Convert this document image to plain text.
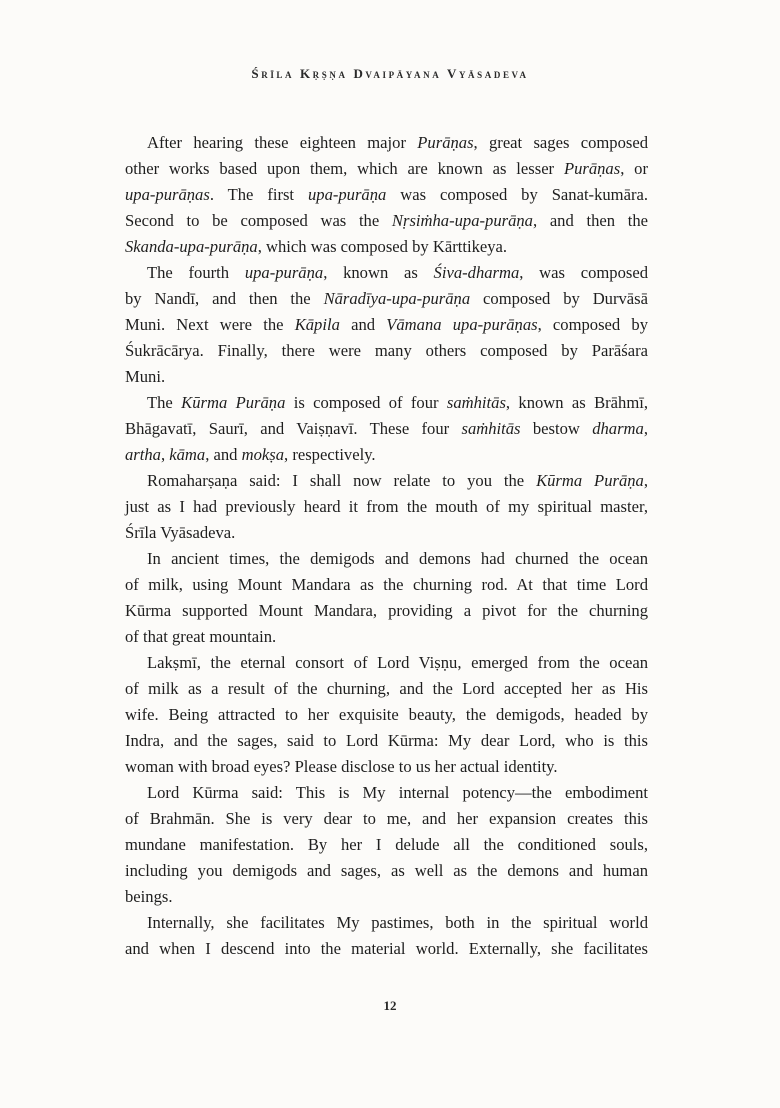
Śrīla Kṛṣṇa Dvaipāyana Vyāsadeva
After hearing these eighteen major Purāṇas, great sages composed
other works based upon them, which are known as lesser Purāṇas, or
upa-purāṇas. The first upa-purāṇa was composed by Sanat-kumāra.
Second to be composed was the Nṛsiṁha-upa-purāṇa, and then the
Skanda-upa-purāṇa, which was composed by Kārttikeya.
The fourth upa-purāṇa, known as Śiva-dharma, was composed
by Nandī, and then the Nāradīya-upa-purāṇa composed by Durvāsā
Muni. Next were the Kāpila and Vāmana upa-purāṇas, composed by
Śukrācārya. Finally, there were many others composed by Parāśara
Muni.
The Kūrma Purāṇa is composed of four saṁhitās, known as Brāhmī,
Bhāgavatī, Saurī, and Vaiṣṇavī. These four saṁhitās bestow dharma,
artha, kāma, and mokṣa, respectively.
Romaharṣaṇa said: I shall now relate to you the Kūrma Purāṇa,
just as I had previously heard it from the mouth of my spiritual master,
Śrīla Vyāsadeva.
In ancient times, the demigods and demons had churned the ocean
of milk, using Mount Mandara as the churning rod. At that time Lord
Kūrma supported Mount Mandara, providing a pivot for the churning
of that great mountain.
Lakṣmī, the eternal consort of Lord Viṣṇu, emerged from the ocean
of milk as a result of the churning, and the Lord accepted her as His
wife. Being attracted to her exquisite beauty, the demigods, headed by
Indra, and the sages, said to Lord Kūrma: My dear Lord, who is this
woman with broad eyes? Please disclose to us her actual identity.
Lord Kūrma said: This is My internal potency—the embodiment
of Brahmān. She is very dear to me, and her expansion creates this
mundane manifestation. By her I delude all the conditioned souls,
including you demigods and sages, as well as the demons and human
beings.
Internally, she facilitates My pastimes, both in the spiritual world
and when I descend into the material world. Externally, she facilitates
12
